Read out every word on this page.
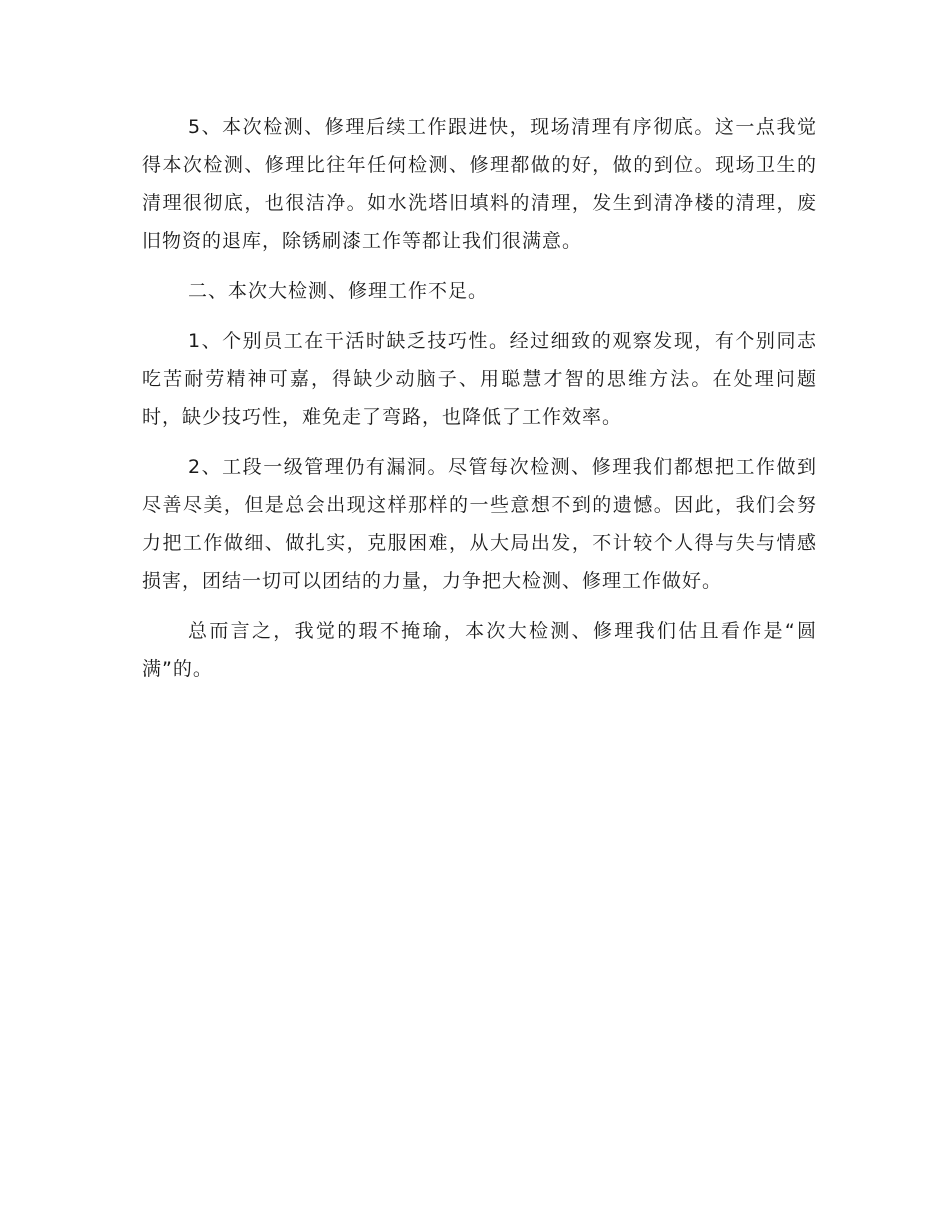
5、本次检测、修理后续工作跟进快，现场清理有序彻底。这一点我觉得本次检测、修理比往年任何检测、修理都做的好，做的到位。现场卫生的清理很彻底，也很洁净。如水洗塔旧填料的清理，发生到清净楼的清理，废旧物资的退库，除锈刷漆工作等都让我们很满意。

二、本次大检测、修理工作不足。

1、个别员工在干活时缺乏技巧性。经过细致的观察发现，有个别同志吃苦耐劳精神可嘉，得缺少动脑子、用聪慧才智的思维方法。在处理问题时，缺少技巧性，难免走了弯路，也降低了工作效率。

2、工段一级管理仍有漏洞。尽管每次检测、修理我们都想把工作做到尽善尽美，但是总会出现这样那样的一些意想不到的遗憾。因此，我们会努力把工作做细、做扎实，克服困难，从大局出发，不计较个人得与失与情感损害，团结一切可以团结的力量，力争把大检测、修理工作做好。

总而言之，我觉的瑕不掩瑜，本次大检测、修理我们估且看作是“圆满”的。
